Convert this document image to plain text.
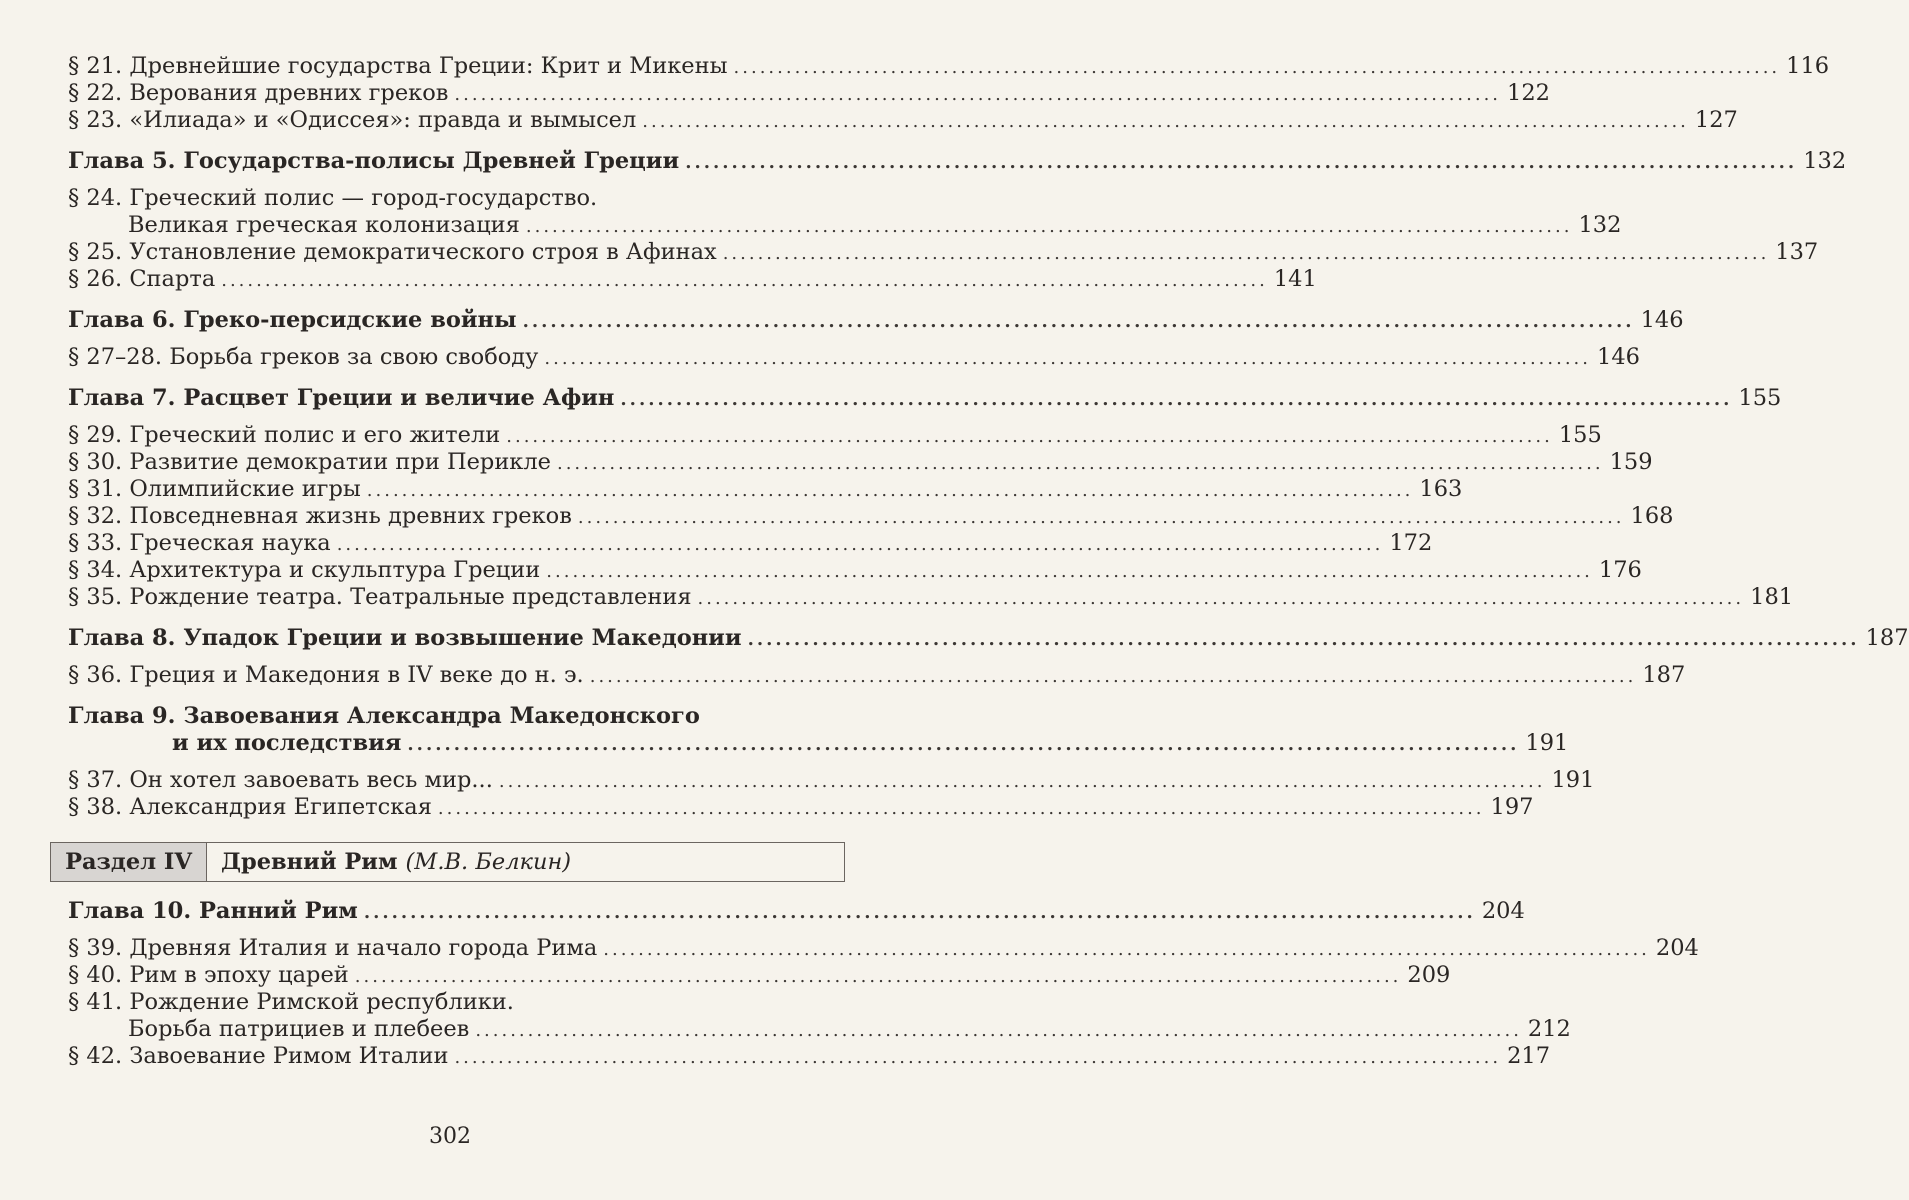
§ 21. Древнейшие государства Греции: Крит и Микены ........................................................................................................................ 116
§ 22. Верования древних греков ........................................................................................................................ 122
§ 23. «Илиада» и «Одиссея»: правда и вымысел ........................................................................................................................ 127
Глава 5. Государства-полисы Древней Греции ........................................................................................................................ 132
§ 24. Греческий полис — город-государство.
Великая греческая колонизация ........................................................................................................................ 132
§ 25. Установление демократического строя в Афинах ........................................................................................................................ 137
§ 26. Спарта ........................................................................................................................ 141
Глава 6. Греко-персидские войны ........................................................................................................................ 146
§ 27–28. Борьба греков за свою свободу ........................................................................................................................ 146
Глава 7. Расцвет Греции и величие Афин ........................................................................................................................ 155
§ 29. Греческий полис и его жители ........................................................................................................................ 155
§ 30. Развитие демократии при Перикле ........................................................................................................................ 159
§ 31. Олимпийские игры ........................................................................................................................ 163
§ 32. Повседневная жизнь древних греков ........................................................................................................................ 168
§ 33. Греческая наука ........................................................................................................................ 172
§ 34. Архитектура и скульптура Греции ........................................................................................................................ 176
§ 35. Рождение театра. Театральные представления ........................................................................................................................ 181
Глава 8. Упадок Греции и возвышение Македонии ........................................................................................................................ 187
§ 36. Греция и Македония в IV веке до н. э. ........................................................................................................................ 187
Глава 9. Завоевания Александра Македонского
и их последствия ........................................................................................................................ 191
§ 37. Он хотел завоевать весь мир... ........................................................................................................................ 191
§ 38. Александрия Египетская ........................................................................................................................ 197
Раздел IV	Древний Рим (М.В. Белкин)
Глава 10. Ранний Рим ........................................................................................................................ 204
§ 39. Древняя Италия и начало города Рима ........................................................................................................................ 204
§ 40. Рим в эпоху царей ........................................................................................................................ 209
§ 41. Рождение Римской республики.
Борьба патрициев и плебеев ........................................................................................................................ 212
§ 42. Завоевание Римом Италии ........................................................................................................................ 217
302
